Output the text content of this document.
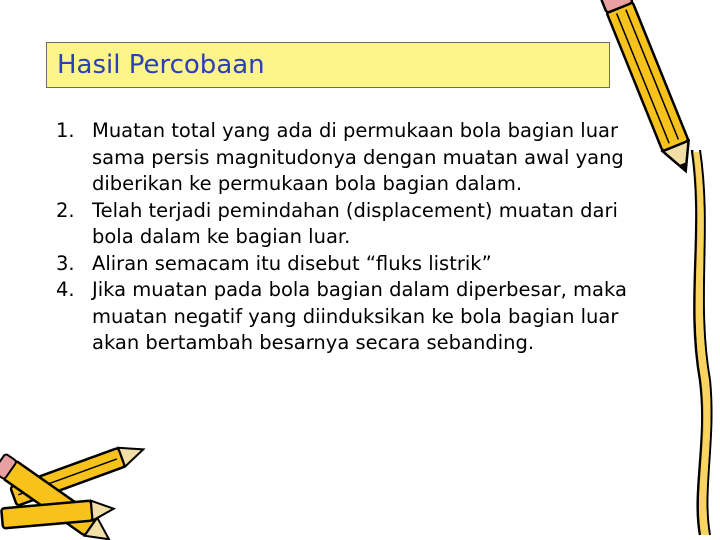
Hasil Percobaan
1. Muatan total yang ada di permukaan bola bagian luar sama persis magnitudonya dengan muatan awal yang diberikan ke permukaan bola bagian dalam.
2. Telah terjadi pemindahan (displacement) muatan dari bola dalam ke bagian luar.
3. Aliran semacam itu disebut “fluks listrik”
4. Jika muatan pada bola bagian dalam diperbesar, maka muatan negatif yang diinduksikan ke bola bagian luar akan bertambah besarnya secara sebanding.
